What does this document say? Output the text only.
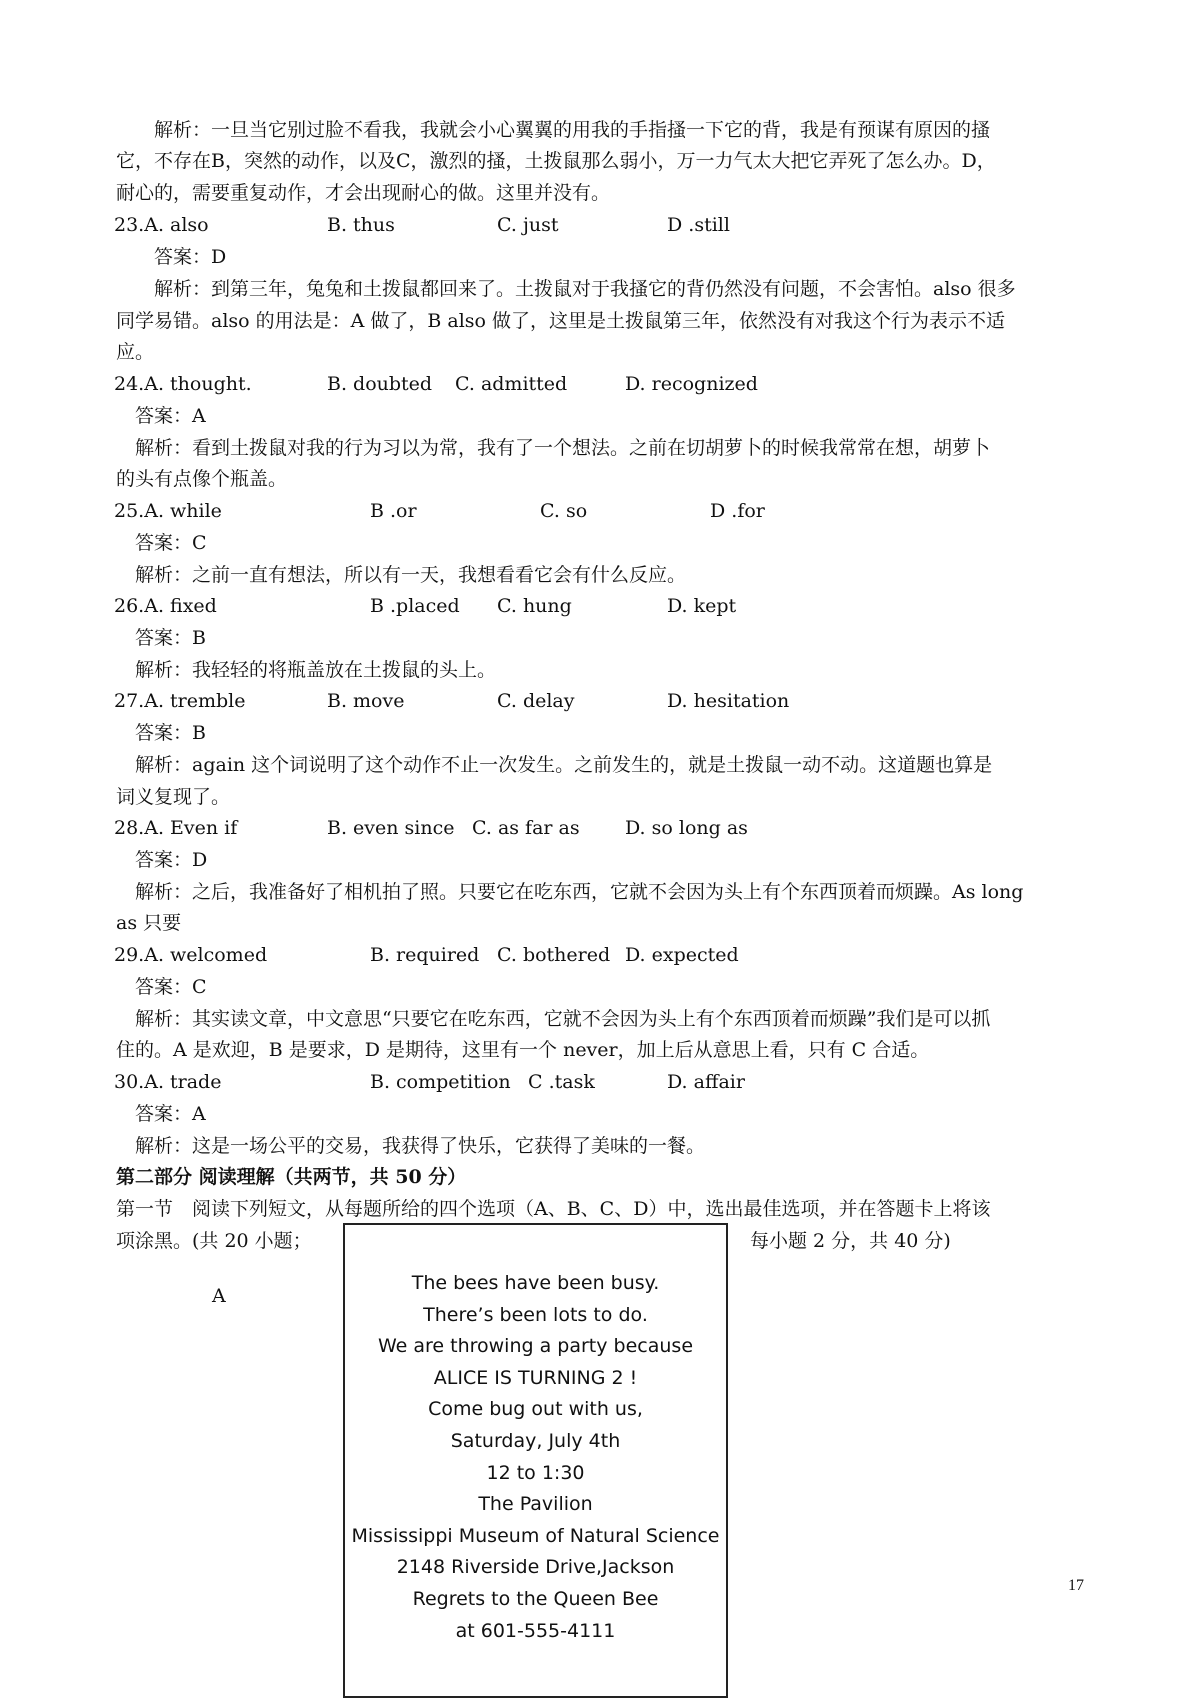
　　解析：一旦当它别过脸不看我，我就会小心翼翼的用我的手指搔一下它的背，我是有预谋有原因的搔
它，不存在B，突然的动作，以及C，激烈的搔，土拨鼠那么弱小，万一力气太大把它弄死了怎么办。D，
耐心的，需要重复动作，才会出现耐心的做。这里并没有。
23.A. also	B. thus	C. just	D .still
　　答案：D
　　解析：到第三年，兔兔和土拨鼠都回来了。土拨鼠对于我搔它的背仍然没有问题，不会害怕。also 很多
同学易错。also 的用法是：A 做了，B also 做了，这里是土拨鼠第三年，依然没有对我这个行为表示不适
应。
24.A. thought.	B. doubted C. admitted	D. recognized
　答案：A
　解析：看到土拨鼠对我的行为习以为常，我有了一个想法。之前在切胡萝卜的时候我常常在想，胡萝卜
的头有点像个瓶盖。
25.A. while	B .or	C. so	D .for
　答案：C
　解析：之前一直有想法，所以有一天，我想看看它会有什么反应。
26.A. fixed	B .placed C. hung	D. kept
　答案：B
　解析：我轻轻的将瓶盖放在土拨鼠的头上。
27.A. tremble	B. move	C. delay	D. hesitation
　答案：B
　解析：again 这个词说明了这个动作不止一次发生。之前发生的，就是土拨鼠一动不动。这道题也算是
词义复现了。
28.A. Even if	B. even since C. as far as D. so long as
　答案：D
　解析：之后，我准备好了相机拍了照。只要它在吃东西，它就不会因为头上有个东西顶着而烦躁。As long
as 只要
29.A. welcomed	B. required C. bothered D. expected
　答案：C
　解析：其实读文章，中文意思“只要它在吃东西，它就不会因为头上有个东西顶着而烦躁”我们是可以抓
住的。A 是欢迎，B 是要求，D 是期待，这里有一个 never，加上后从意思上看，只有 C 合适。
30.A. trade	B. competition C .task	D. affair
　答案：A
　解析：这是一场公平的交易，我获得了快乐，它获得了美味的一餐。
第二部分 阅读理解（共两节，共 50 分）
第一节　阅读下列短文，从每题所给的四个选项（A、B、C、D）中，选出最佳选项，并在答题卡上将该
项涂黑。(共 20 小题；	每小题 2 分，共 40 分)
A
The bees have been busy.
There’s been lots to do.
We are throwing a party because
ALICE IS TURNING 2 !
Come bug out with us,
Saturday, July 4th
12 to 1:30
The Pavilion
Mississippi Museum of Natural Science
2148 Riverside Drive,Jackson
Regrets to the Queen Bee
at 601-555-4111
17
